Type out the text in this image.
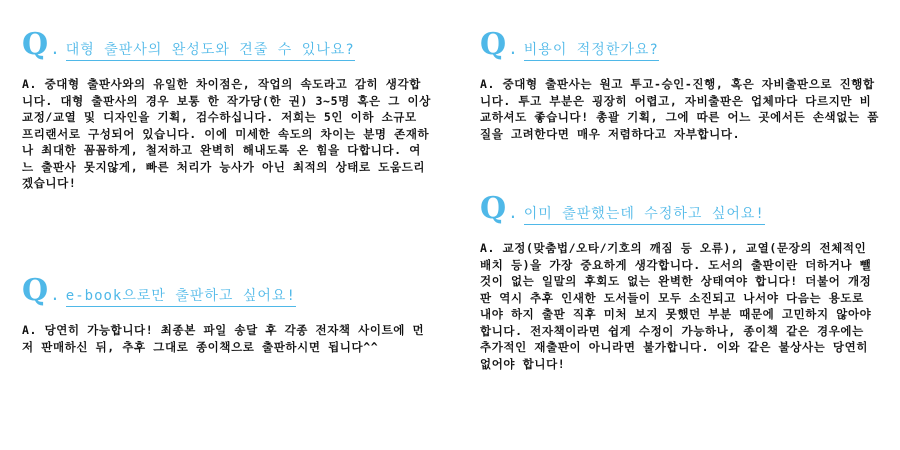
Q . 대형 출판사의 완성도와 견줄 수 있나요?
A. 중대형 출판사와의 유일한 차이점은, 작업의 속도라고 감히 생각합니다. 대형 출판사의 경우 보통 한 작가당(한 권) 3~5명 혹은 그 이상 교정/교열 및 디자인을 기획, 검수하십니다. 저희는 5인 이하 소규모 프리랜서로 구성되어 있습니다. 이에 미세한 속도의 차이는 분명 존재하나 최대한 꼼꼼하게, 철저하고 완벽히 해내도록 온 힘을 다합니다. 여느 출판사 못지않게, 빠른 처리가 능사가 아닌 최적의 상태로 도움드리겠습니다!
Q . e-book으로만 출판하고 싶어요!
A. 당연히 가능합니다! 최종본 파일 송달 후 각종 전자책 사이트에 먼저 판매하신 뒤, 추후 그대로 종이책으로 출판하시면 됩니다^^
Q . 비용이 적정한가요?
A. 중대형 출판사는 원고 투고-승인-진행, 혹은 자비출판으로 진행합니다. 투고 부분은 굉장히 어렵고, 자비출판은 업체마다 다르지만 비교하셔도 좋습니다! 총괄 기획, 그에 따른 어느 곳에서든 손색없는 품질을 고려한다면 매우 저렴하다고 자부합니다.
Q . 이미 출판했는데 수정하고 싶어요!
A. 교정(맞춤법/오타/기호의 깨짐 등 오류), 교열(문장의 전체적인 배치 등)을 가장 중요하게 생각합니다. 도서의 출판이란 더하거나 뺄 것이 없는 일말의 후회도 없는 완벽한 상태여야 합니다! 더불어 개정판 역시 추후 인새한 도서들이 모두 소진되고 나서야 다음는 용도로 내야 하지 출판 직후 미처 보지 못했던 부분 때문에 고민하지 않아야 합니다. 전자책이라면 쉽게 수정이 가능하나, 종이책 같은 경우에는 추가적인 재출판이 아니라면 불가합니다. 이와 같은 불상사는 당연히 없어야 합니다!
